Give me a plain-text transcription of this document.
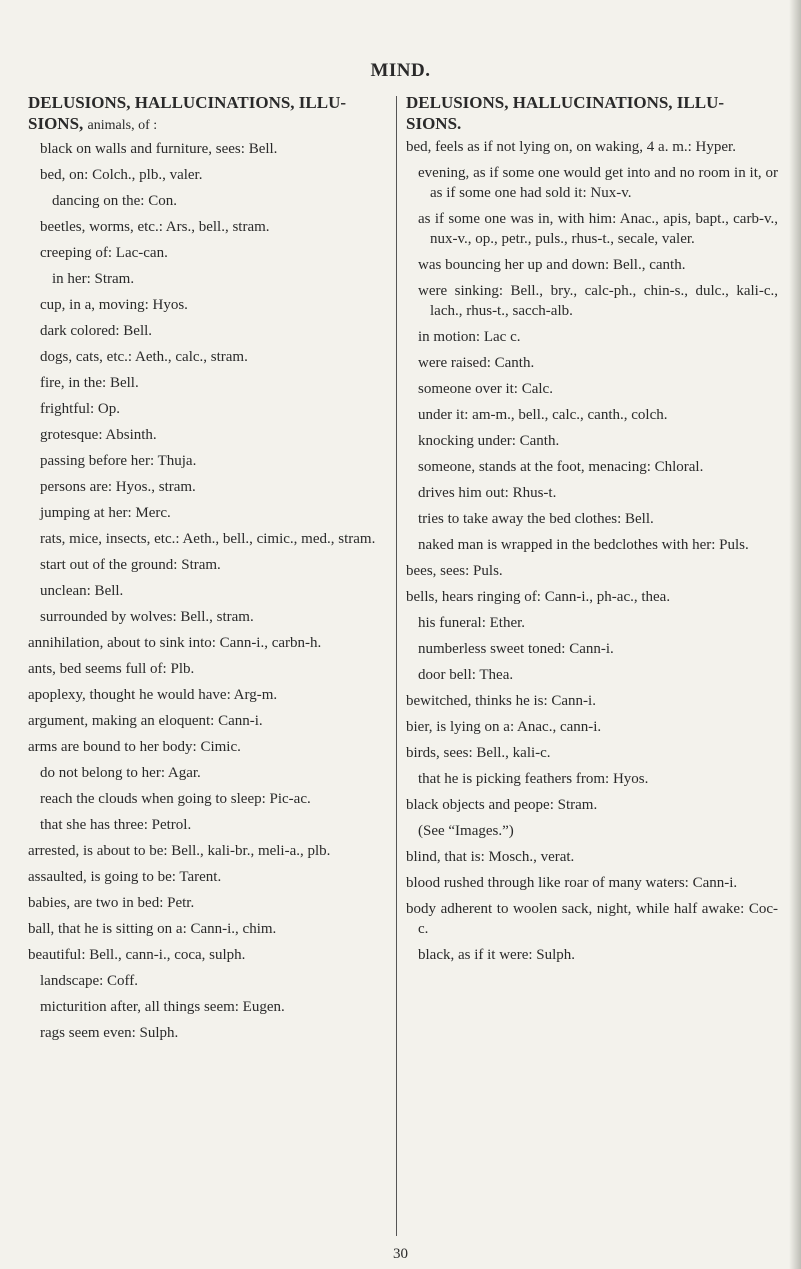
MIND.
DELUSIONS, HALLUCINATIONS, ILLU-SIONS, animals, of :
black on walls and furniture, sees: Bell.
bed, on: Colch., plb., valer.
dancing on the: Con.
beetles, worms, etc.: Ars., bell., stram.
creeping of: Lac-can.
in her: Stram.
cup, in a, moving: Hyos.
dark colored: Bell.
dogs, cats, etc.: Aeth., calc., stram.
fire, in the: Bell.
frightful: Op.
grotesque: Absinth.
passing before her: Thuja.
persons are: Hyos., stram.
jumping at her: Merc.
rats, mice, insects, etc.: Aeth., bell., cimic., med., stram.
start out of the ground: Stram.
unclean: Bell.
surrounded by wolves: Bell., stram.
annihilation, about to sink into: Cann-i., carbn-h.
ants, bed seems full of: Plb.
apoplexy, thought he would have: Arg-m.
argument, making an eloquent: Cann-i.
arms are bound to her body: Cimic.
do not belong to her: Agar.
reach the clouds when going to sleep: Pic-ac.
that she has three: Petrol.
arrested, is about to be: Bell., kali-br., meli-a., plb.
assaulted, is going to be: Tarent.
babies, are two in bed: Petr.
ball, that he is sitting on a: Cann-i., chim.
beautiful: Bell., cann-i., coca, sulph.
landscape: Coff.
micturition after, all things seem: Eugen.
rags seem even: Sulph.
DELUSIONS, HALLUCINATIONS, ILLU-SIONS.
bed, feels as if not lying on, on waking, 4 a. m.: Hyper.
evening, as if some one would get into and no room in it, or as if some one had sold it: Nux-v.
as if some one was in, with him: Anac., apis, bapt., carb-v., nux-v., op., petr., puls., rhus-t., secale, valer.
was bouncing her up and down: Bell., canth.
were sinking: Bell., bry., calc-ph., chin-s., dulc., kali-c., lach., rhus-t., sacch-alb.
in motion: Lac c.
were raised: Canth.
someone over it: Calc.
under it: am-m., bell., calc., canth., colch.
knocking under: Canth.
someone, stands at the foot, menacing: Chloral.
drives him out: Rhus-t.
tries to take away the bed clothes: Bell.
naked man is wrapped in the bedclothes with her: Puls.
bees, sees: Puls.
bells, hears ringing of: Cann-i., ph-ac., thea.
his funeral: Ether.
numberless sweet toned: Cann-i.
door bell: Thea.
bewitched, thinks he is: Cann-i.
bier, is lying on a: Anac., cann-i.
birds, sees: Bell., kali-c.
that he is picking feathers from: Hyos.
black objects and peope: Stram.
(See “Images.”)
blind, that is: Mosch., verat.
blood rushed through like roar of many waters: Cann-i.
body adherent to woolen sack, night, while half awake: Coc-c.
black, as if it were: Sulph.
30
